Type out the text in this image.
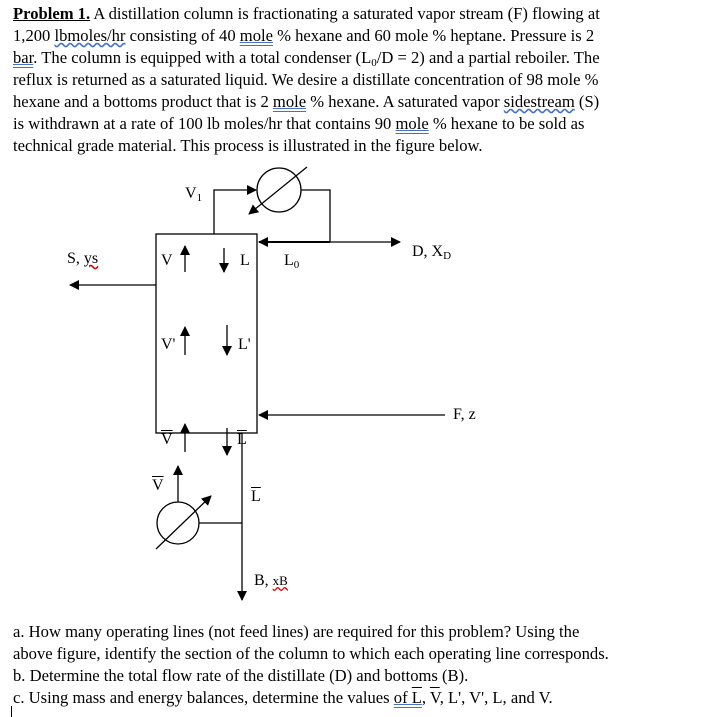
Problem 1. A distillation column is fractionating a saturated vapor stream (F) flowing at
1,200 lbmoles/hr consisting of 40 mole % hexane and 60 mole % heptane. Pressure is 2
bar. The column is equipped with a total condenser $(L_0/D = 2)$ and a partial reboiler. The
reflux is returned as a saturated liquid. We desire a distillate concentration of 98 mole %
hexane and a bottoms product that is 2 mole % hexane. A saturated vapor sidestream (S)
is withdrawn at a rate of 100 lb moles/hr that contains 90 mole % hexane to be sold as
technical grade material. This process is illustrated in the figure below.
$V_1$
D, $X_D$
$L_0$
S, ys	V	L
V'	L'
F, z
$\overline{V}$	$\overline{L}$
$\overline{V}$
$\overline{L}$
B, xB
a. How many operating lines (not feed lines) are required for this problem? Using the
above figure, identify the section of the column to which each operating line corresponds.
b. Determine the total flow rate of the distillate (D) and bottoms (B).
c. Using mass and energy balances, determine the values of L, $\overline{V}$, L', V', L, and V.
